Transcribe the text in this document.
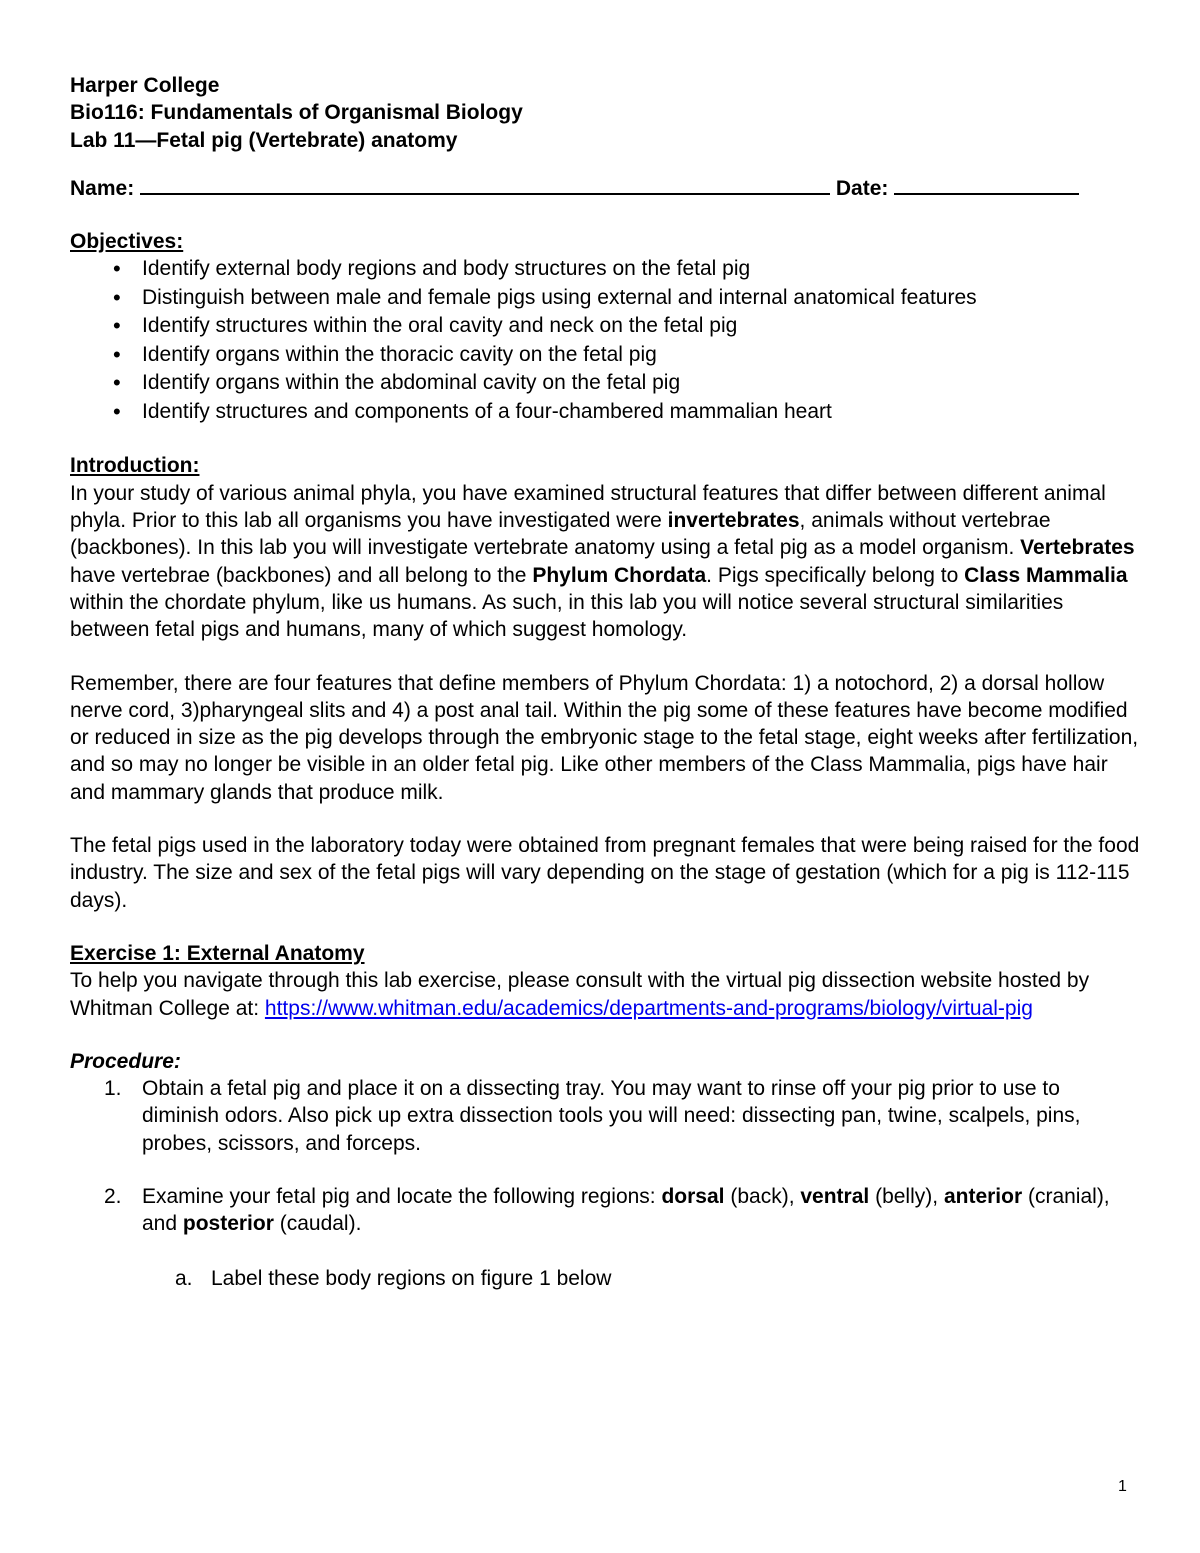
Harper College

Bio116: Fundamentals of Organismal Biology

Lab 11—Fetal pig (Vertebrate) anatomy

Name:	Date:
Objectives:
• Identify external body regions and body structures on the fetal pig
• Distinguish between male and female pigs using external and internal anatomical features
• Identify structures within the oral cavity and neck on the fetal pig
• Identify organs within the thoracic cavity on the fetal pig
• Identify organs within the abdominal cavity on the fetal pig
• Identify structures and components of a four-chambered mammalian heart
Introduction:

In your study of various animal phyla, you have examined structural features that differ between different animal phyla. Prior to this lab all organisms you have investigated were invertebrates, animals without vertebrae (backbones). In this lab you will investigate vertebrate anatomy using a fetal pig as a model organism. Vertebrates have vertebrae (backbones) and all belong to the Phylum Chordata. Pigs specifically belong to Class Mammalia within the chordate phylum, like us humans. As such, in this lab you will notice several structural similarities between fetal pigs and humans, many of which suggest homology.

Remember, there are four features that define members of Phylum Chordata: 1) a notochord, 2) a dorsal hollow nerve cord, 3)pharyngeal slits and 4) a post anal tail. Within the pig some of these features have become modified or reduced in size as the pig develops through the embryonic stage to the fetal stage, eight weeks after fertilization, and so may no longer be visible in an older fetal pig. Like other members of the Class Mammalia, pigs have hair and mammary glands that produce milk.

The fetal pigs used in the laboratory today were obtained from pregnant females that were being raised for the food industry. The size and sex of the fetal pigs will vary depending on the stage of gestation (which for a pig is 112-115 days).

Exercise 1: External Anatomy

To help you navigate through this lab exercise, please consult with the virtual pig dissection website hosted by Whitman College at: https://www.whitman.edu/academics/departments-and-programs/biology/virtual-pig

Procedure:
1. Obtain a fetal pig and place it on a dissecting tray. You may want to rinse off your pig prior to use to diminish odors. Also pick up extra dissection tools you will need: dissecting pan, twine, scalpels, pins, probes, scissors, and forceps.
2. Examine your fetal pig and locate the following regions: dorsal (back), ventral (belly), anterior (cranial), and posterior (caudal).
a. Label these body regions on figure 1 below
1
